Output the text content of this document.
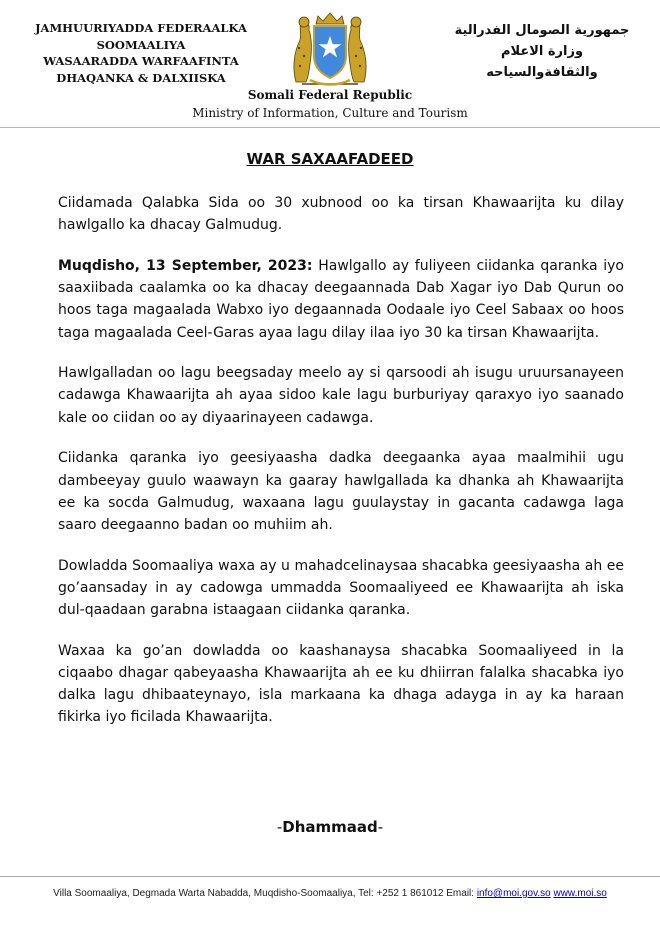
JAMHUURIYADDA FEDERAALKA
SOOMAALIYA
WASAARADDA WARFAAFINTA
DHAQANKA & DALXIISKA
جمهورية الصومال الفدرالية
وزارة الاعلام
والثقافةوالسياحه
Somali Federal Republic
Ministry of Information, Culture and Tourism
WAR SAXAAFADEED

Ciidamada Qalabka Sida oo 30 xubnood oo ka tirsan Khawaarijta ku dilay hawlgallo ka dhacay Galmudug.

Muqdisho, 13 September, 2023: Hawlgallo ay fuliyeen ciidanka qaranka iyo saaxiibada caalamka oo ka dhacay deegaannada Dab Xagar iyo Dab Qurun oo hoos taga magaalada Wabxo iyo degaannada Oodaale iyo Ceel Sabaax oo hoos taga magaalada Ceel-Garas ayaa lagu dilay ilaa iyo 30 ka tirsan Khawaarijta.

Hawlgalladan oo lagu beegsaday meelo ay si qarsoodi ah isugu uruursanayeen cadawga Khawaarijta ah ayaa sidoo kale lagu burburiyay qaraxyo iyo saanado kale oo ciidan oo ay diyaarinayeen cadawga.

Ciidanka qaranka iyo geesiyaasha dadka deegaanka ayaa maalmihii ugu dambeeyay guulo waawayn ka gaaray hawlgallada ka dhanka ah Khawaarijta ee ka socda Galmudug, waxaana lagu guulaystay in gacanta cadawga laga saaro deegaanno badan oo muhiim ah.

Dowladda Soomaaliya waxa ay u mahadcelinaysaa shacabka geesiyaasha ah ee go’aansaday in ay cadowga ummadda Soomaaliyeed ee Khawaarijta ah iska dul-qaadaan garabna istaagaan ciidanka qaranka.

Waxaa ka go’an dowladda oo kaashanaysa shacabka Soomaaliyeed in la ciqaabo dhagar qabeyaasha Khawaarijta ah ee ku dhiirran falalka shacabka iyo dalka lagu dhibaateynayo, isla markaana ka dhaga adayga in ay ka haraan fikirka iyo ficilada Khawaarijta.

-Dhammaad-
Villa Soomaaliya, Degmada Warta Nabadda, Muqdisho-Soomaaliya, Tel: +252 1 861012 Email: info@moi.gov.so www.moi.so
